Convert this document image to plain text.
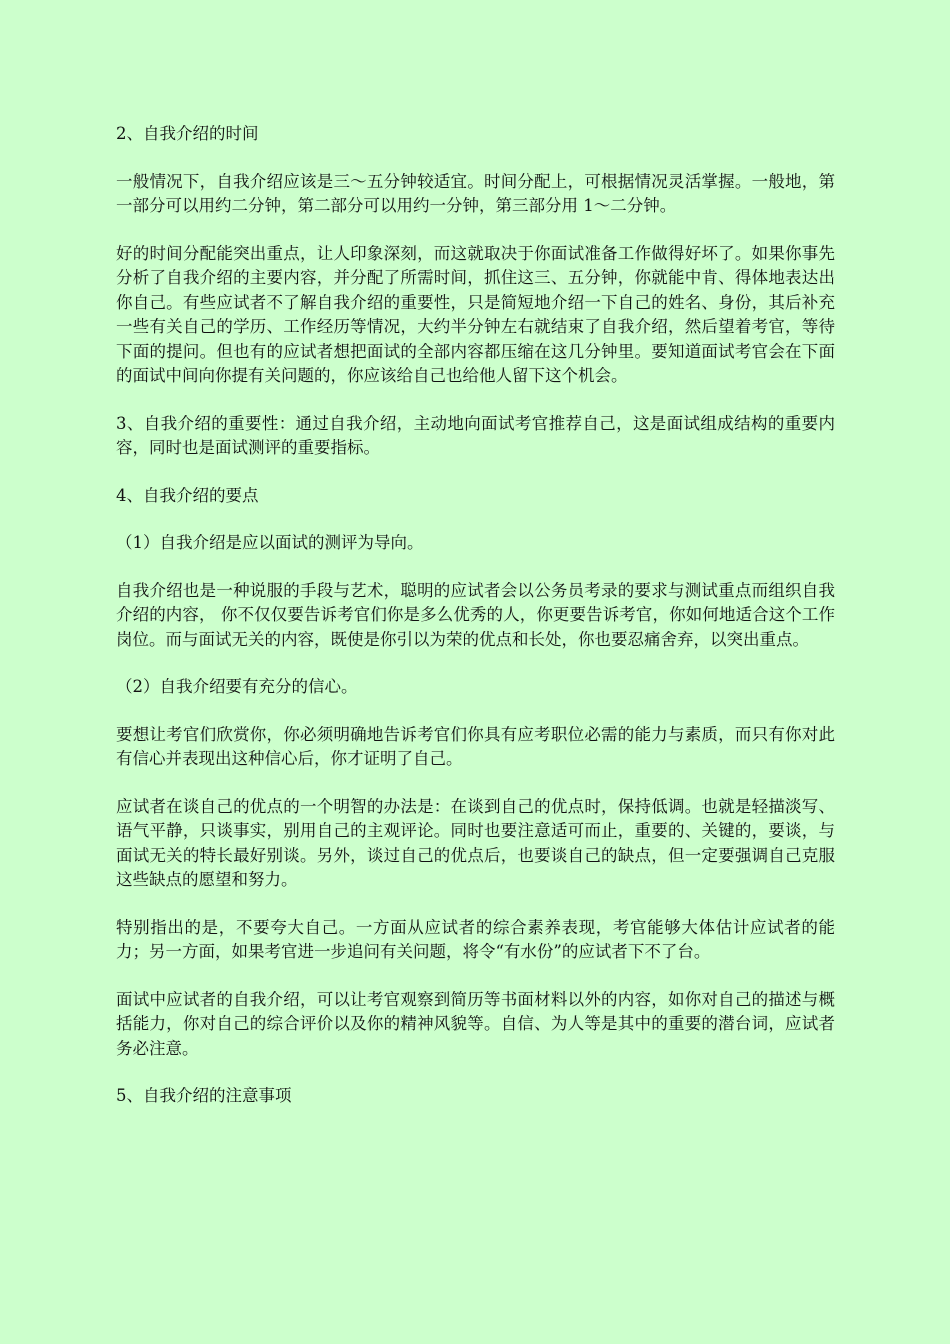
2、自我介绍的时间

一般情况下，自我介绍应该是三～五分钟较适宜。时间分配上，可根据情况灵活掌握。一般地，第一部分可以用约二分钟，第二部分可以用约一分钟，第三部分用 1～二分钟。

好的时间分配能突出重点，让人印象深刻，而这就取决于你面试准备工作做得好坏了。如果你事先分析了自我介绍的主要内容，并分配了所需时间，抓住这三、五分钟，你就能中肯、得体地表达出你自己。有些应试者不了解自我介绍的重要性，只是简短地介绍一下自己的姓名、身份，其后补充一些有关自己的学历、工作经历等情况，大约半分钟左右就结束了自我介绍，然后望着考官，等待下面的提问。但也有的应试者想把面试的全部内容都压缩在这几分钟里。要知道面试考官会在下面的面试中间向你提有关问题的，你应该给自己也给他人留下这个机会。

3、自我介绍的重要性：通过自我介绍，主动地向面试考官推荐自己，这是面试组成结构的重要内容，同时也是面试测评的重要指标。

4、自我介绍的要点

（1）自我介绍是应以面试的测评为导向。

自我介绍也是一种说服的手段与艺术，聪明的应试者会以公务员考录的要求与测试重点而组织自我介绍的内容， 你不仅仅要告诉考官们你是多么优秀的人，你更要告诉考官，你如何地适合这个工作岗位。而与面试无关的内容，既使是你引以为荣的优点和长处，你也要忍痛舍弃，以突出重点。

（2）自我介绍要有充分的信心。

要想让考官们欣赏你，你必须明确地告诉考官们你具有应考职位必需的能力与素质，而只有你对此有信心并表现出这种信心后，你才证明了自己。

应试者在谈自己的优点的一个明智的办法是：在谈到自己的优点时，保持低调。也就是轻描淡写、语气平静，只谈事实，别用自己的主观评论。同时也要注意适可而止，重要的、关键的，要谈，与面试无关的特长最好别谈。另外，谈过自己的优点后，也要谈自己的缺点，但一定要强调自己克服这些缺点的愿望和努力。

特别指出的是，不要夸大自己。一方面从应试者的综合素养表现，考官能够大体估计应试者的能力；另一方面，如果考官进一步追问有关问题，将令“有水份”的应试者下不了台。

面试中应试者的自我介绍，可以让考官观察到简历等书面材料以外的内容，如你对自己的描述与概括能力，你对自己的综合评价以及你的精神风貌等。自信、为人等是其中的重要的潜台词，应试者务必注意。

5、自我介绍的注意事项
